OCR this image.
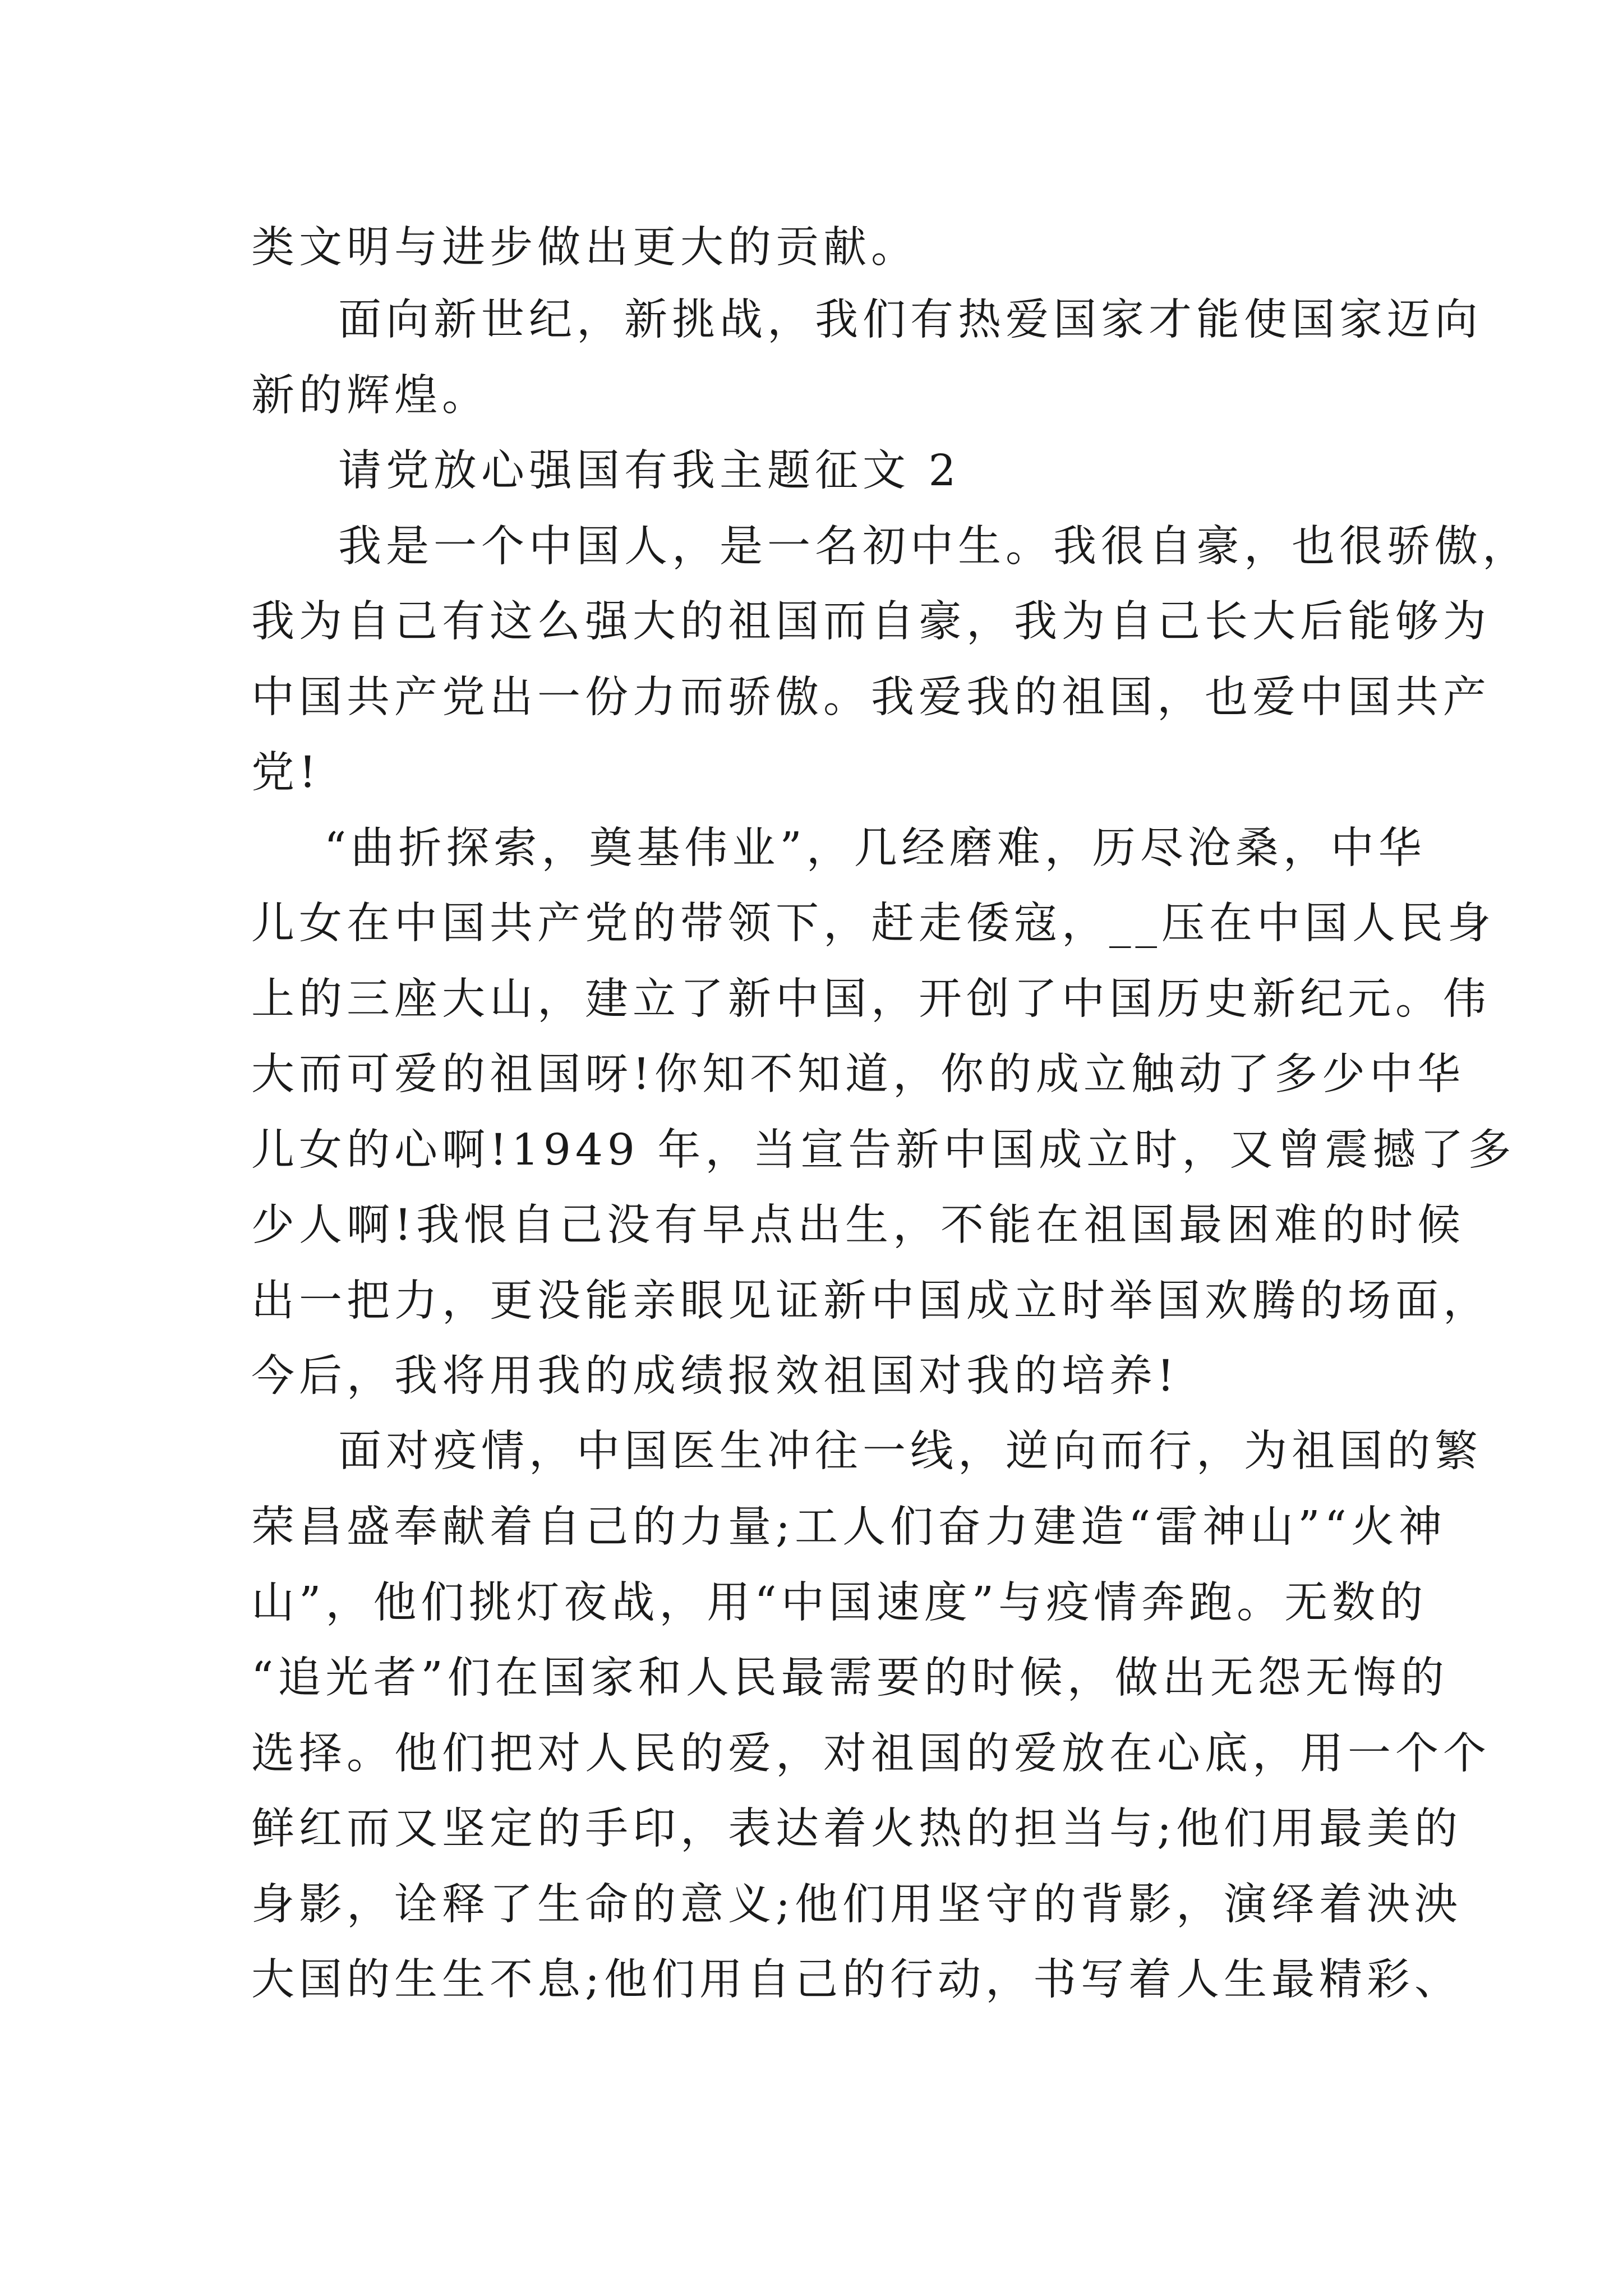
类文明与进步做出更大的贡献。
面向新世纪，新挑战，我们有热爱国家才能使国家迈向
新的辉煌。
请党放心强国有我主题征文 2
我是一个中国人，是一名初中生。我很自豪，也很骄傲，
我为自己有这么强大的祖国而自豪，我为自己长大后能够为
中国共产党出一份力而骄傲。我爱我的祖国，也爱中国共产
党!
“曲折探索，奠基伟业”，几经磨难，历尽沧桑，中华
儿女在中国共产党的带领下，赶走倭寇，__压在中国人民身
上的三座大山，建立了新中国，开创了中国历史新纪元。伟
大而可爱的祖国呀!你知不知道，你的成立触动了多少中华
儿女的心啊!1949 年，当宣告新中国成立时，又曾震撼了多
少人啊!我恨自己没有早点出生，不能在祖国最困难的时候
出一把力，更没能亲眼见证新中国成立时举国欢腾的场面，
今后，我将用我的成绩报效祖国对我的培养!
面对疫情，中国医生冲往一线，逆向而行，为祖国的繁
荣昌盛奉献着自己的力量;工人们奋力建造“雷神山”“火神
山”，他们挑灯夜战，用“中国速度”与疫情奔跑。无数的
“追光者”们在国家和人民最需要的时候，做出无怨无悔的
选择。他们把对人民的爱，对祖国的爱放在心底，用一个个
鲜红而又坚定的手印，表达着火热的担当与;他们用最美的
身影，诠释了生命的意义;他们用坚守的背影，演绎着泱泱
大国的生生不息;他们用自己的行动，书写着人生最精彩、
